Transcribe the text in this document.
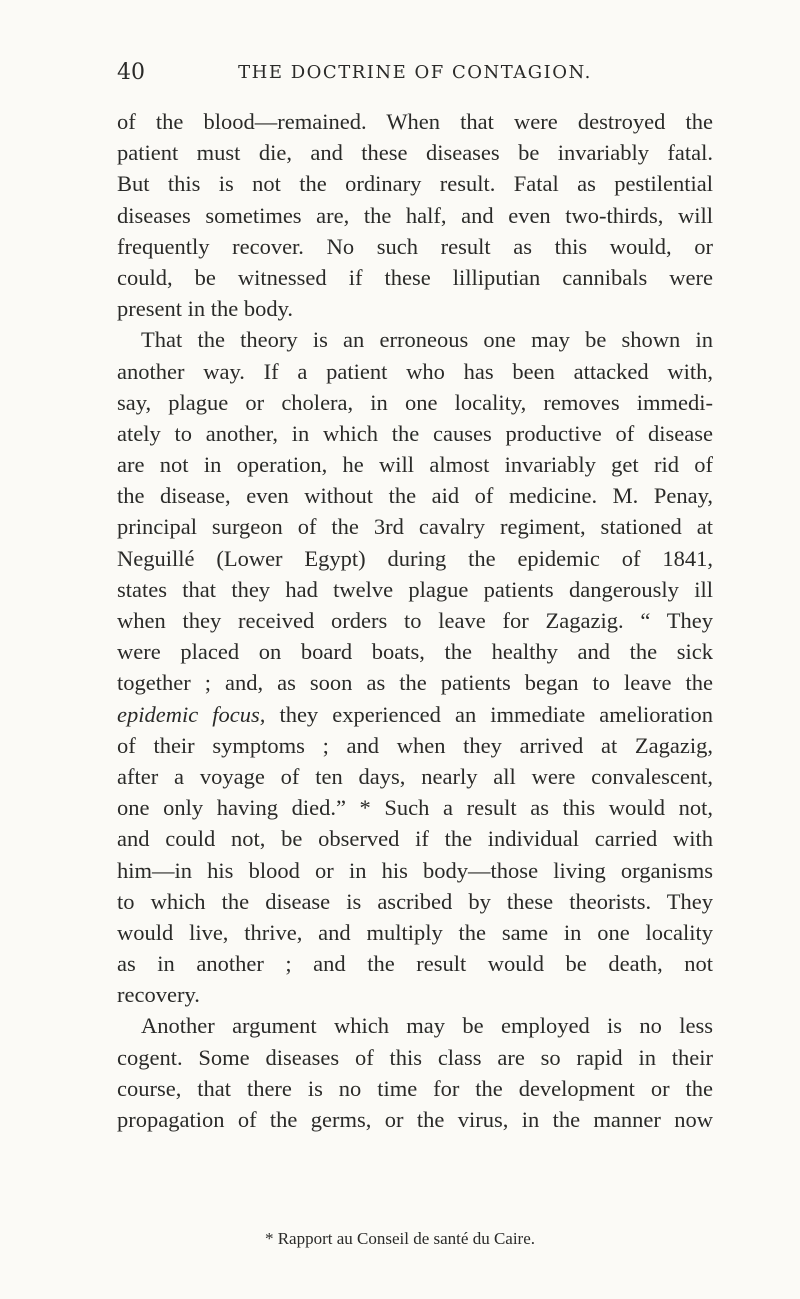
40	THE DOCTRINE OF CONTAGION.
of the blood—remained. When that were destroyed the
patient must die, and these diseases be invariably fatal.
But this is not the ordinary result. Fatal as pestilential
diseases sometimes are, the half, and even two-thirds, will
frequently recover. No such result as this would, or
could, be witnessed if these lilliputian cannibals were
present in the body.
That the theory is an erroneous one may be shown in
another way. If a patient who has been attacked with,
say, plague or cholera, in one locality, removes immedi-
ately to another, in which the causes productive of disease
are not in operation, he will almost invariably get rid of
the disease, even without the aid of medicine. M. Penay,
principal surgeon of the 3rd cavalry regiment, stationed at
Neguillé (Lower Egypt) during the epidemic of 1841,
states that they had twelve plague patients dangerously ill
when they received orders to leave for Zagazig. “ They
were placed on board boats, the healthy and the sick
together ; and, as soon as the patients began to leave the
epidemic focus, they experienced an immediate amelioration
of their symptoms ; and when they arrived at Zagazig,
after a voyage of ten days, nearly all were convalescent,
one only having died.” * Such a result as this would not,
and could not, be observed if the individual carried with
him—in his blood or in his body—those living organisms
to which the disease is ascribed by these theorists. They
would live, thrive, and multiply the same in one locality
as in another ; and the result would be death, not
recovery.
Another argument which may be employed is no less
cogent. Some diseases of this class are so rapid in their
course, that there is no time for the development or the
propagation of the germs, or the virus, in the manner now
* Rapport au Conseil de santé du Caire.
